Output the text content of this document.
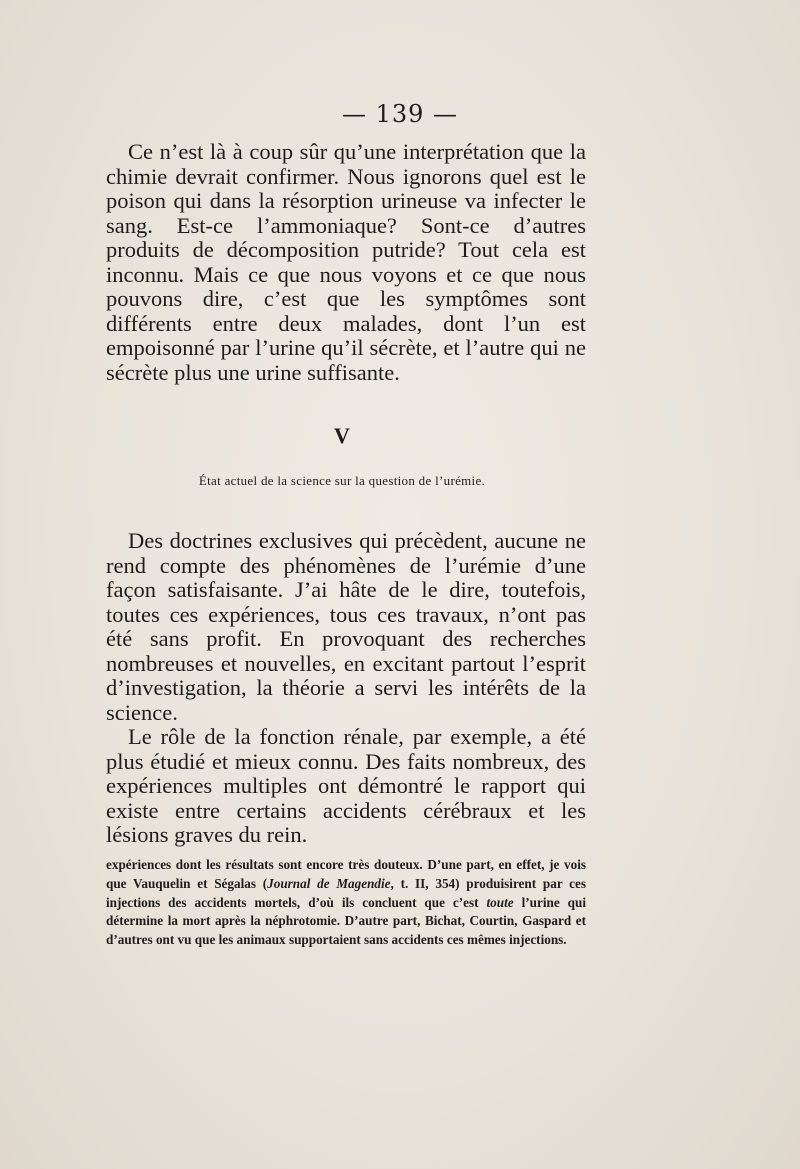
— 139 —

Ce n’est là à coup sûr qu’une interprétation que la chimie devrait confirmer. Nous ignorons quel est le poison qui dans la résorption urineuse va infecter le sang. Est-ce l’ammoniaque? Sont-ce d’autres produits de décomposition putride? Tout cela est inconnu. Mais ce que nous voyons et ce que nous pouvons dire, c’est que les symptômes sont différents entre deux malades, dont l’un est empoisonné par l’urine qu’il sécrète, et l’autre qui ne sécrète plus une urine suffisante.

V
État actuel de la science sur la question de l’urémie.

Des doctrines exclusives qui précèdent, aucune ne rend compte des phénomènes de l’urémie d’une façon satisfaisante. J’ai hâte de le dire, toutefois, toutes ces expériences, tous ces travaux, n’ont pas été sans profit. En provoquant des recherches nombreuses et nouvelles, en excitant partout l’esprit d’investigation, la théorie a servi les intérêts de la science.

Le rôle de la fonction rénale, par exemple, a été plus étudié et mieux connu. Des faits nombreux, des expériences multiples ont démontré le rapport qui existe entre certains accidents cérébraux et les lésions graves du rein.

expériences dont les résultats sont encore très douteux. D’une part, en effet, je vois que Vauquelin et Ségalas (Journal de Magendie, t. II, 354) produisirent par ces injections des accidents mortels, d’où ils concluent que c’est toute l’urine qui détermine la mort après la néphrotomie. D’autre part, Bichat, Courtin, Gaspard et d’autres ont vu que les animaux supportaient sans accidents ces mêmes injections.
